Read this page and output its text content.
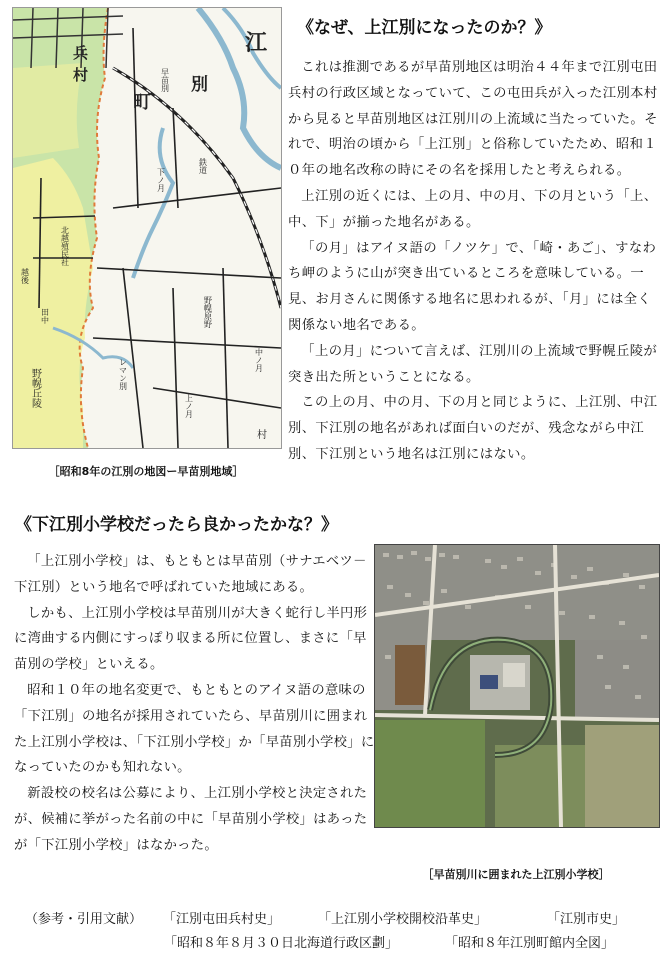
《なぜ、上江別になったのか？》
兵
村
江
別
町
早苗別
鉄道
下ノ月
北越殖民社
越後
田中
野幌丘陵
野幌原野
中ノ月
上ノ月
レマン別
村
［昭和8年の江別の地図ー早苗別地域］

これは推測であるが早苗別地区は明治４４年まで江別屯田兵村の行政区域となっていて、この屯田兵が入った江別本村から見ると早苗別地区は江別川の上流域に当たっていた。それで、明治の頃から「上江別」と俗称していたため、昭和１０年の地名改称の時にその名を採用したと考えられる。

上江別の近くには、上の月、中の月、下の月という「上、中、下」が揃った地名がある。

「の月」はアイヌ語の「ノツケ」で、「崎・あご」、すなわち岬のように山が突き出ているところを意味している。一見、お月さんに関係する地名に思われるが、「月」には全く関係ない地名である。

「上の月」について言えば、江別川の上流域で野幌丘陵が突き出た所ということになる。

この上の月、中の月、下の月と同じように、上江別、中江別、下江別の地名があれば面白いのだが、残念ながら中江別、下江別という地名は江別にはない。

《下江別小学校だったら良かったかな？》

「上江別小学校」は、もともとは早苗別（サナエベツ－下江別）という地名で呼ばれていた地域にある。

しかも、上江別小学校は早苗別川が大きく蛇行し半円形に湾曲する内側にすっぽり収まる所に位置し、まさに「早苗別の学校」といえる。

昭和１０年の地名変更で、もともとのアイヌ語の意味の「下江別」の地名が採用されていたら、早苗別川に囲まれた上江別小学校は、「下江別小学校」か「早苗別小学校」になっていたのかも知れない。

新設校の校名は公募により、上江別小学校と決定されたが、候補に挙がった名前の中に「早苗別小学校」はあったが「下江別小学校」はなかった。

［早苗別川に囲まれた上江別小学校］
（参考・引用文献） 「江別屯田兵村史」	「上江別小学校開校沿革史」	「江別市史」
「昭和８年８月３０日北海道行政区劃」	「昭和８年江別町館内全図」
